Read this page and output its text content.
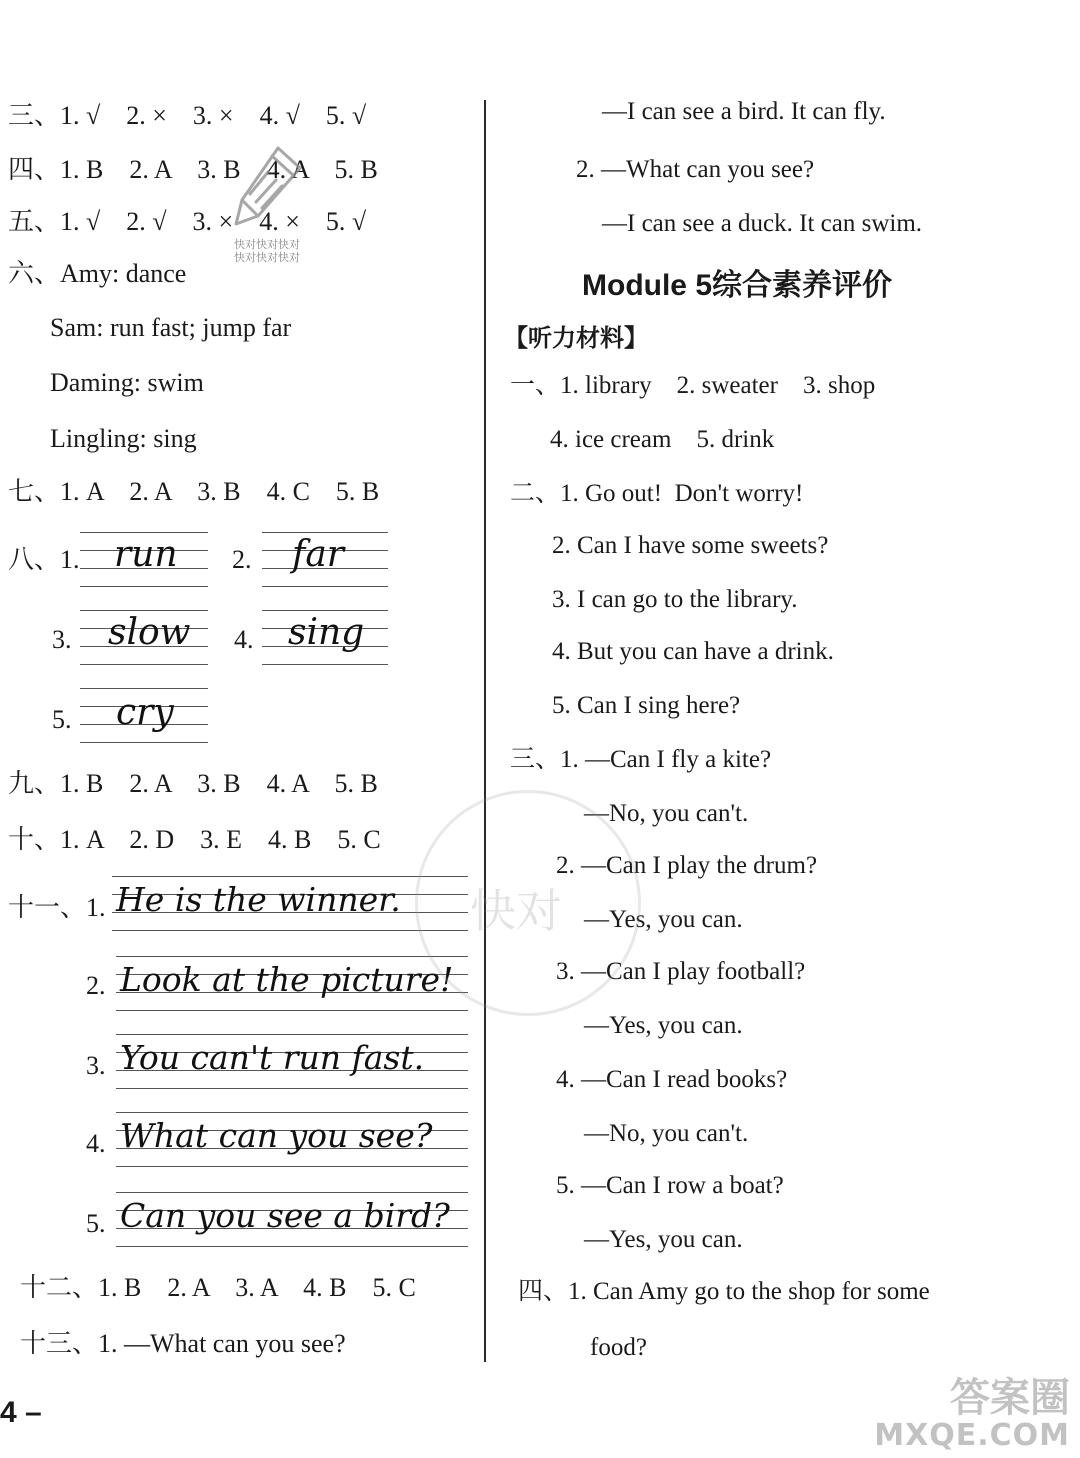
三、1. √    2. ×    3. ×    4. √    5. √
四、1. B    2. A    3. B    4. A    5. B
五、1. √    2. √    3. ×    4. ×    5. √
六、Amy: dance
Sam: run fast; jump far
Daming: swim
Lingling: sing
七、1. A    2. A    3. B    4. C    5. B
八、1. run 2. far
3. slow 4. sing
5. cry
九、1. B    2. A    3. B    4. A    5. B
十、1. A    2. D    3. E    4. B    5. C
十一、1. He is the winner.
2. Look at the picture!
3. You can't run fast.
4. What can you see?
5. Can you see a bird?
十二、1. B    2. A    3. A    4. B    5. C
十三、1. —What can you see?
—I can see a bird. It can fly.
2. —What can you see?
—I can see a duck. It can swim.
Module 5综合素养评价
【听力材料】
一、1. library    2. sweater    3. shop
4. ice cream    5. drink
二、1. Go out!  Don't worry!
2. Can I have some sweets?
3. I can go to the library.
4. But you can have a drink.
5. Can I sing here?
三、1. —Can I fly a kite?
—No, you can't.
2. —Can I play the drum?
—Yes, you can.
3. —Can I play football?
—Yes, you can.
4. —Can I read books?
—No, you can't.
5. —Can I row a boat?
—Yes, you can.
四、1. Can Amy go to the shop for some
food?
4 –
快对快对快对
快对快对快对
快对
答案圈
MXQE.COM
